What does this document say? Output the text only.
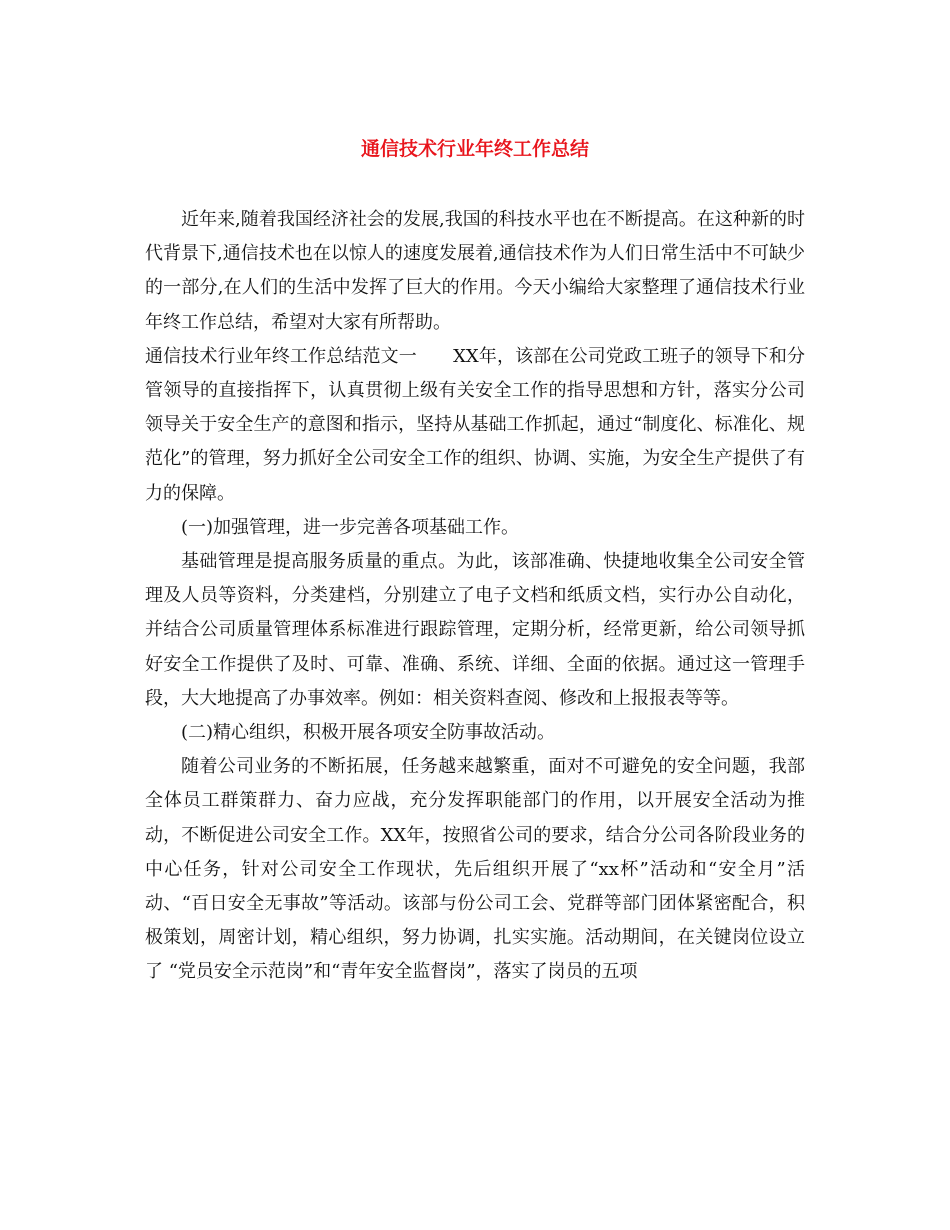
通信技术行业年终工作总结

近年来,随着我国经济社会的发展,我国的科技水平也在不断提高。在这种新的时代背景下,通信技术也在以惊人的速度发展着,通信技术作为人们日常生活中不可缺少的一部分,在人们的生活中发挥了巨大的作用。今天小编给大家整理了通信技术行业年终工作总结，希望对大家有所帮助。

通信技术行业年终工作总结范文一　　XX年，该部在公司党政工班子的领导下和分管领导的直接指挥下，认真贯彻上级有关安全工作的指导思想和方针，落实分公司领导关于安全生产的意图和指示，坚持从基础工作抓起，通过“制度化、标准化、规范化”的管理，努力抓好全公司安全工作的组织、协调、实施，为安全生产提供了有力的保障。

(一)加强管理，进一步完善各项基础工作。

基础管理是提高服务质量的重点。为此，该部准确、快捷地收集全公司安全管理及人员等资料，分类建档，分别建立了电子文档和纸质文档，实行办公自动化，并结合公司质量管理体系标准进行跟踪管理，定期分析，经常更新，给公司领导抓好安全工作提供了及时、可靠、准确、系统、详细、全面的依据。通过这一管理手段，大大地提高了办事效率。例如：相关资料查阅、修改和上报报表等等。

(二)精心组织，积极开展各项安全防事故活动。

随着公司业务的不断拓展，任务越来越繁重，面对不可避免的安全问题，我部全体员工群策群力、奋力应战，充分发挥职能部门的作用，以开展安全活动为推动，不断促进公司安全工作。XX年，按照省公司的要求，结合分公司各阶段业务的中心任务，针对公司安全工作现状，先后组织开展了“xx杯”活动和“安全月”活动、“百日安全无事故”等活动。该部与份公司工会、党群等部门团体紧密配合，积极策划，周密计划，精心组织，努力协调，扎实实施。活动期间，在关键岗位设立了 “党员安全示范岗”和“青年安全监督岗”，落实了岗员的五项
